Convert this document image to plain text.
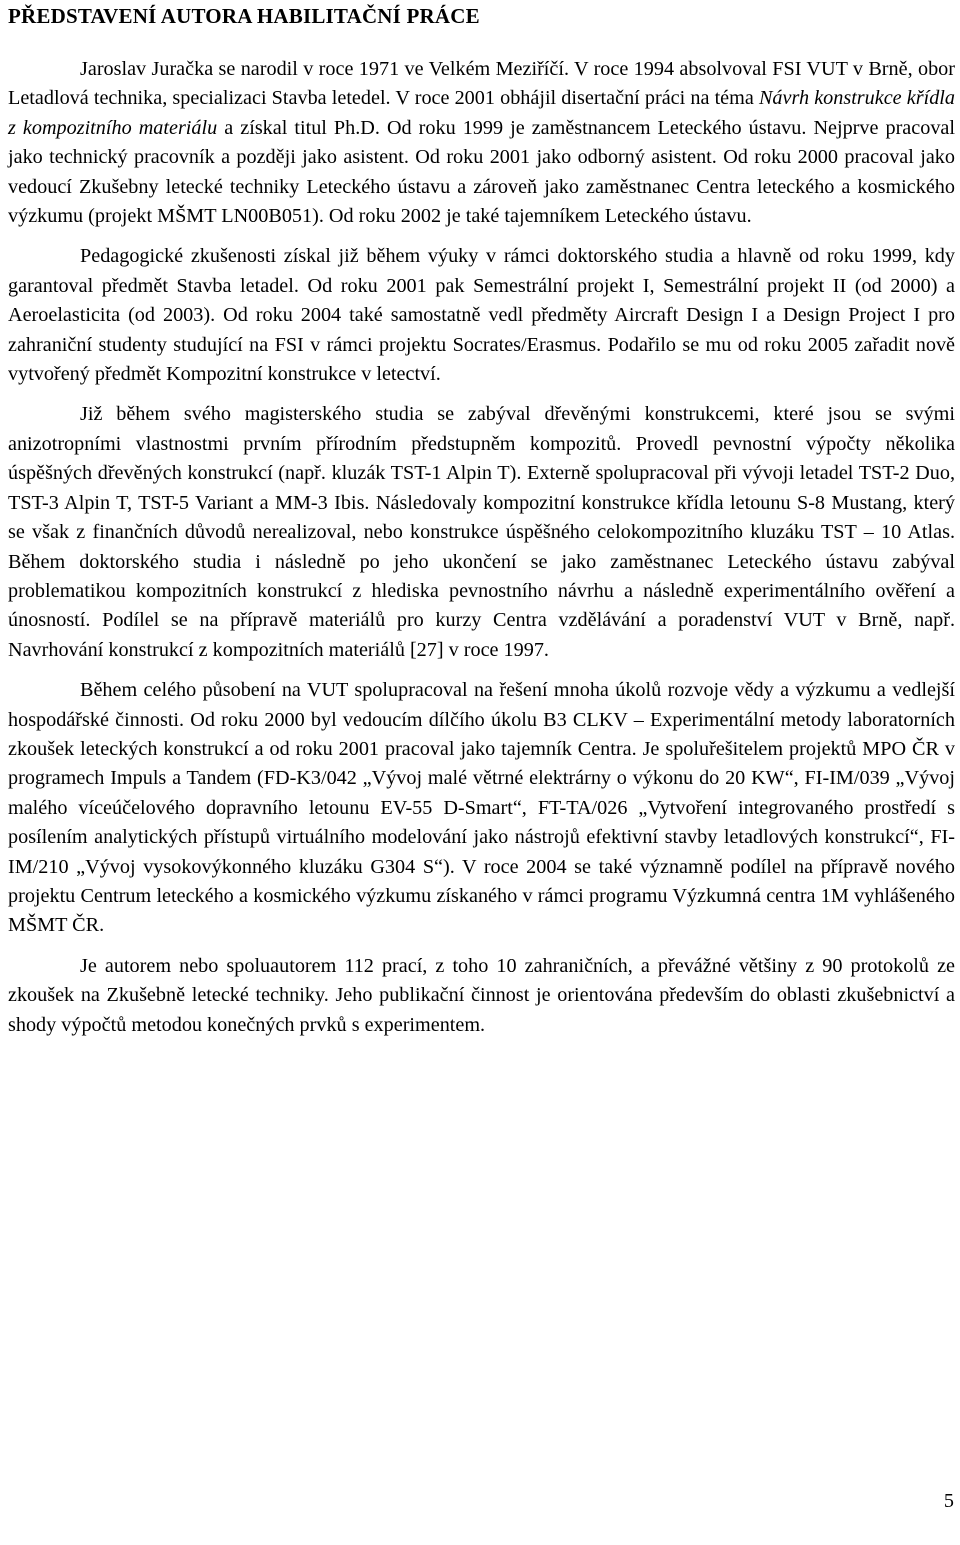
PŘEDSTAVENÍ AUTORA HABILITAČNÍ PRÁCE

Jaroslav Juračka se narodil v roce 1971 ve Velkém Meziříčí. V roce 1994 absolvoval FSI VUT v Brně, obor Letadlová technika, specializaci Stavba letedel. V roce 2001 obhájil disertační práci na téma Návrh konstrukce křídla z kompozitního materiálu a získal titul Ph.D. Od roku 1999 je zaměstnancem Leteckého ústavu. Nejprve pracoval jako technický pracovník a později jako asistent. Od roku 2001 jako odborný asistent. Od roku 2000 pracoval jako vedoucí Zkušebny letecké techniky Leteckého ústavu a zároveň jako zaměstnanec Centra leteckého a kosmického výzkumu (projekt MŠMT LN00B051). Od roku 2002 je také tajemníkem Leteckého ústavu.

Pedagogické zkušenosti získal již během výuky v rámci doktorského studia a hlavně od roku 1999, kdy garantoval předmět Stavba letadel. Od roku 2001 pak Semestrální projekt I, Semestrální projekt II (od 2000) a Aeroelasticita (od 2003). Od roku 2004 také samostatně vedl předměty Aircraft Design I a Design Project I pro zahraniční studenty studující na FSI v rámci projektu Socrates/Erasmus. Podařilo se mu od roku 2005 zařadit nově vytvořený předmět Kompozitní konstrukce v letectví.

Již během svého magisterského studia se zabýval dřevěnými konstrukcemi, které jsou se svými anizotropními vlastnostmi prvním přírodním předstupněm kompozitů. Provedl pevnostní výpočty několika úspěšných dřevěných konstrukcí (např. kluzák TST-1 Alpin T). Externě spolupracoval při vývoji letadel TST-2 Duo, TST-3 Alpin T, TST-5 Variant a MM-3 Ibis. Následovaly kompozitní konstrukce křídla letounu S-8 Mustang, který se však z finančních důvodů nerealizoval, nebo konstrukce úspěšného celokompozitního kluzáku TST – 10 Atlas. Během doktorského studia i následně po jeho ukončení se jako zaměstnanec Leteckého ústavu zabýval problematikou kompozitních konstrukcí z hlediska pevnostního návrhu a následně experimentálního ověření a únosností. Podílel se na přípravě materiálů pro kurzy Centra vzdělávání a poradenství VUT v Brně, např. Navrhování konstrukcí z kompozitních materiálů [27] v roce 1997.

Během celého působení na VUT spolupracoval na řešení mnoha úkolů rozvoje vědy a výzkumu a vedlejší hospodářské činnosti. Od roku 2000 byl vedoucím dílčího úkolu B3 CLKV – Experimentální metody laboratorních zkoušek leteckých konstrukcí a od roku 2001 pracoval jako tajemník Centra. Je spoluřešitelem projektů MPO ČR v programech Impuls a Tandem (FD-K3/042 „Vývoj malé větrné elektrárny o výkonu do 20 KW“, FI-IM/039 „Vývoj malého víceúčelového dopravního letounu EV-55 D-Smart“, FT-TA/026 „Vytvoření integrovaného prostředí s posílením analytických přístupů virtuálního modelování jako nástrojů efektivní stavby letadlových konstrukcí“, FI-IM/210 „Vývoj vysokovýkonného kluzáku G304 S“). V roce 2004 se také významně podílel na přípravě nového projektu Centrum leteckého a kosmického výzkumu získaného v rámci programu Výzkumná centra 1M vyhlášeného MŠMT ČR.

Je autorem nebo spoluautorem 112 prací, z toho 10 zahraničních, a převážné většiny z 90 protokolů ze zkoušek na Zkušebně letecké techniky. Jeho publikační činnost je orientována především do oblasti zkušebnictví a shody výpočtů metodou konečných prvků s experimentem.

5
